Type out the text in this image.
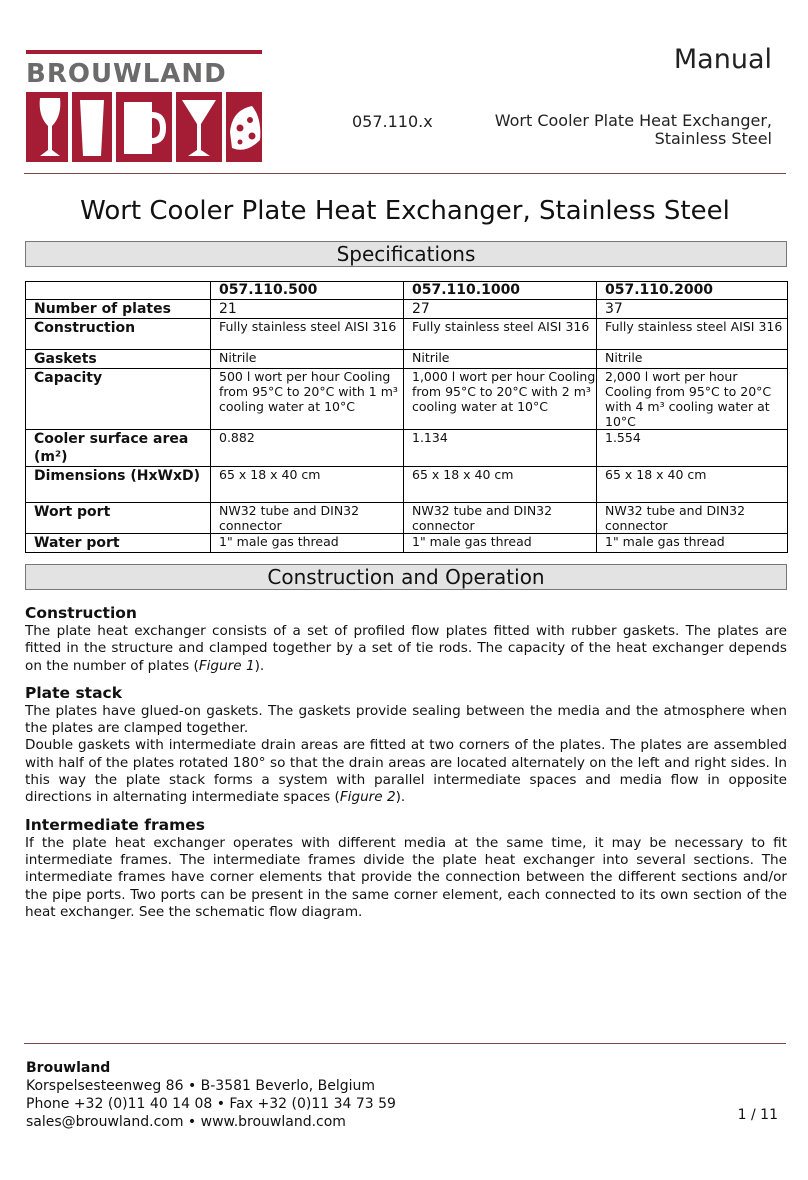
BROUWLAND	Manual
057.110.x	Wort Cooler Plate Heat Exchanger,
Stainless Steel
Wort Cooler Plate Heat Exchanger, Stainless Steel
Specifications
	057.110.500	057.110.1000	057.110.2000
Number of plates	21	27	37
Construction	Fully stainless steel AISI 316	Fully stainless steel AISI 316	Fully stainless steel AISI 316
Gaskets	Nitrile	Nitrile	Nitrile
Capacity	500 l wort per hour Cooling from 95°C to 20°C with 1 m³ cooling water at 10°C	1,000 l wort per hour Cooling from 95°C to 20°C with 2 m³ cooling water at 10°C	2,000 l wort per hour Cooling from 95°C to 20°C with 4 m³ cooling water at 10°C
Cooler surface area (m²)	0.882	1.134	1.554
Dimensions (HxWxD)	65 x 18 x 40 cm	65 x 18 x 40 cm	65 x 18 x 40 cm
Wort port	NW32 tube and DIN32 connector	NW32 tube and DIN32 connector	NW32 tube and DIN32 connector
Water port	1" male gas thread	1" male gas thread	1" male gas thread
Construction and Operation
Construction

The plate heat exchanger consists of a set of profiled flow plates fitted with rubber gaskets. The plates are fitted in the structure and clamped together by a set of tie rods. The capacity of the heat exchanger depends on the number of plates (Figure 1).

Plate stack

The plates have glued-on gaskets. The gaskets provide sealing between the media and the atmosphere when the plates are clamped together.

Double gaskets with intermediate drain areas are fitted at two corners of the plates. The plates are assembled with half of the plates rotated 180° so that the drain areas are located alternately on the left and right sides. In this way the plate stack forms a system with parallel intermediate spaces and media flow in opposite directions in alternating intermediate spaces (Figure 2).

Intermediate frames

If the plate heat exchanger operates with different media at the same time, it may be necessary to fit intermediate frames. The intermediate frames divide the plate heat exchanger into several sections. The intermediate frames have corner elements that provide the connection between the different sections and/or the pipe ports. Two ports can be present in the same corner element, each connected to its own section of the heat exchanger. See the schematic flow diagram.

Brouwland
Korspelsesteenweg 86 • B-3581 Beverlo, Belgium
Phone +32 (0)11 40 14 08 • Fax +32 (0)11 34 73 59
sales@brouwland.com • www.brouwland.com	1 / 11
